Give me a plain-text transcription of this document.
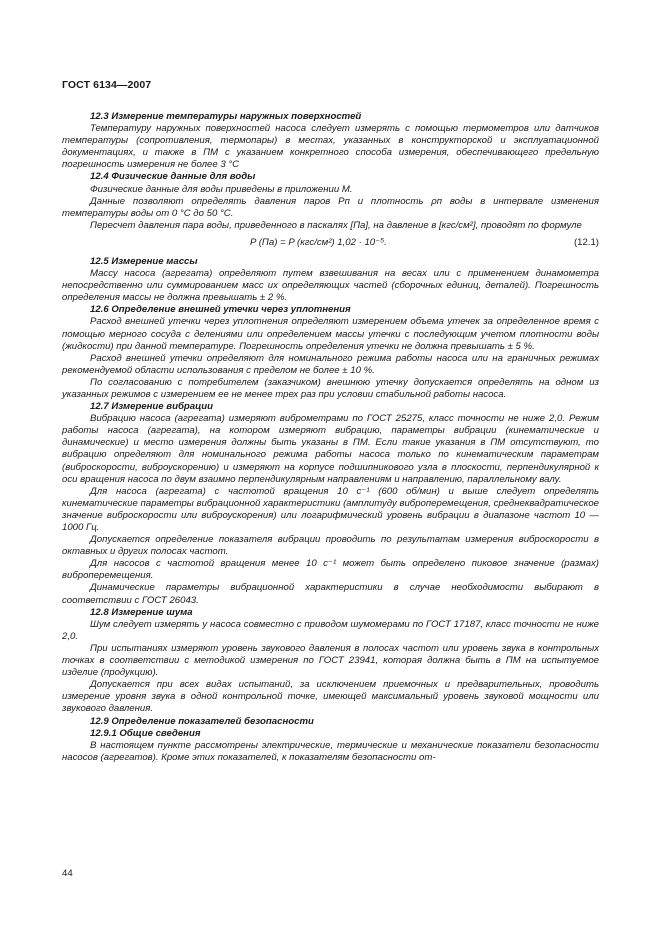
ГОСТ 6134—2007

12.3 Измерение температуры наружных поверхностей

Температуру наружных поверхностей насоса следует измерять с помощью термометров или датчиков температуры (сопротивления, термопары) в местах, указанных в конструкторской и эксплуатационной документациях, и также в ПМ с указанием конкретного способа измерения, обеспечивающего предельную погрешность измерения не более 3 °С

12.4 Физические данные для воды

Физические данные для воды приведены в приложении М.

Данные позволяют определять давления паров Pп и плотность ρп воды в интервале изменения температуры воды от 0 °С до 50 °С.

Пересчет давления пара воды, приведенного в паскалях [Па], на давление в [кгс/см²], проводят по формуле

P (Па) = P (кгс/см²) 1,02 · 10⁻⁵.	(12.1)

12.5 Измерение массы

Массу насоса (агрегата) определяют путем взвешивания на весах или с применением динамометра непосредственно или суммированием масс их определяющих частей (сборочных единиц, деталей). Погрешность определения массы не должна превышать ± 2 %.

12.6 Определение внешней утечки через уплотнения

Расход внешней утечки через уплотнения определяют измерением объема утечек за определенное время с помощью мерного сосуда с делениями или определением массы утечки с последующим учетом плотности воды (жидкости) при данной температуре. Погрешность определения утечки не должна превышать ± 5 %.

Расход внешней утечки определяют для номинального режима работы насоса или на граничных режимах рекомендуемой области использования с пределом не более ± 10 %.

По согласованию с потребителем (заказчиком) внешнюю утечку допускается определять на одном из указанных режимов с измерением ее не менее трех раз при условии стабильной работы насоса.

12.7 Измерение вибрации

Вибрацию насоса (агрегата) измеряют виброметрами по ГОСТ 25275, класс точности не ниже 2,0. Режим работы насоса (агрегата), на котором измеряют вибрацию, параметры вибрации (кинематические и динамические) и место измерения должны быть указаны в ПМ. Если такие указания в ПМ отсутствуют, то вибрацию определяют для номинального режима работы насоса только по кинематическим параметрам (виброскорости, виброускорению) и измеряют на корпусе подшипникового узла в плоскости, перпендикулярной к оси вращения насоса по двум взаимно перпендикулярным направлениям и направлению, параллельному валу.

Для насоса (агрегата) с частотой вращения 10 с⁻¹ (600 об/мин) и выше следует определять кинематические параметры вибрационной характеристики (амплитуду виброперемещения, среднеквадратическое значение виброскорости или виброускорения) или логарифмический уровень вибрации в диапазоне частот 10 — 1000 Гц.

Допускается определение показателя вибрации проводить по результатам измерения виброскорости в октавных и других полосах частот.

Для насосов с частотой вращения менее 10 с⁻¹ может быть определено пиковое значение (размах) виброперемещения.

Динамические параметры вибрационной характеристики в случае необходимости выбирают в соответствии с ГОСТ 26043.

12.8 Измерение шума

Шум следует измерять у насоса совместно с приводом шумомерами по ГОСТ 17187, класс точности не ниже 2,0.

При испытаниях измеряют уровень звукового давления в полосах частот или уровень звука в контрольных точках в соответствии с методикой измерения по ГОСТ 23941, которая должна быть в ПМ на испытуемое изделие (продукцию).

Допускается при всех видах испытаний, за исключением приемочных и предварительных, проводить измерение уровня звука в одной контрольной точке, имеющей максимальный уровень звуковой мощности или звукового давления.

12.9 Определение показателей безопасности

12.9.1 Общие сведения

В настоящем пункте рассмотрены электрические, термические и механические показатели безопасности насосов (агрегатов). Кроме этих показателей, к показателям безопасности от-

44
